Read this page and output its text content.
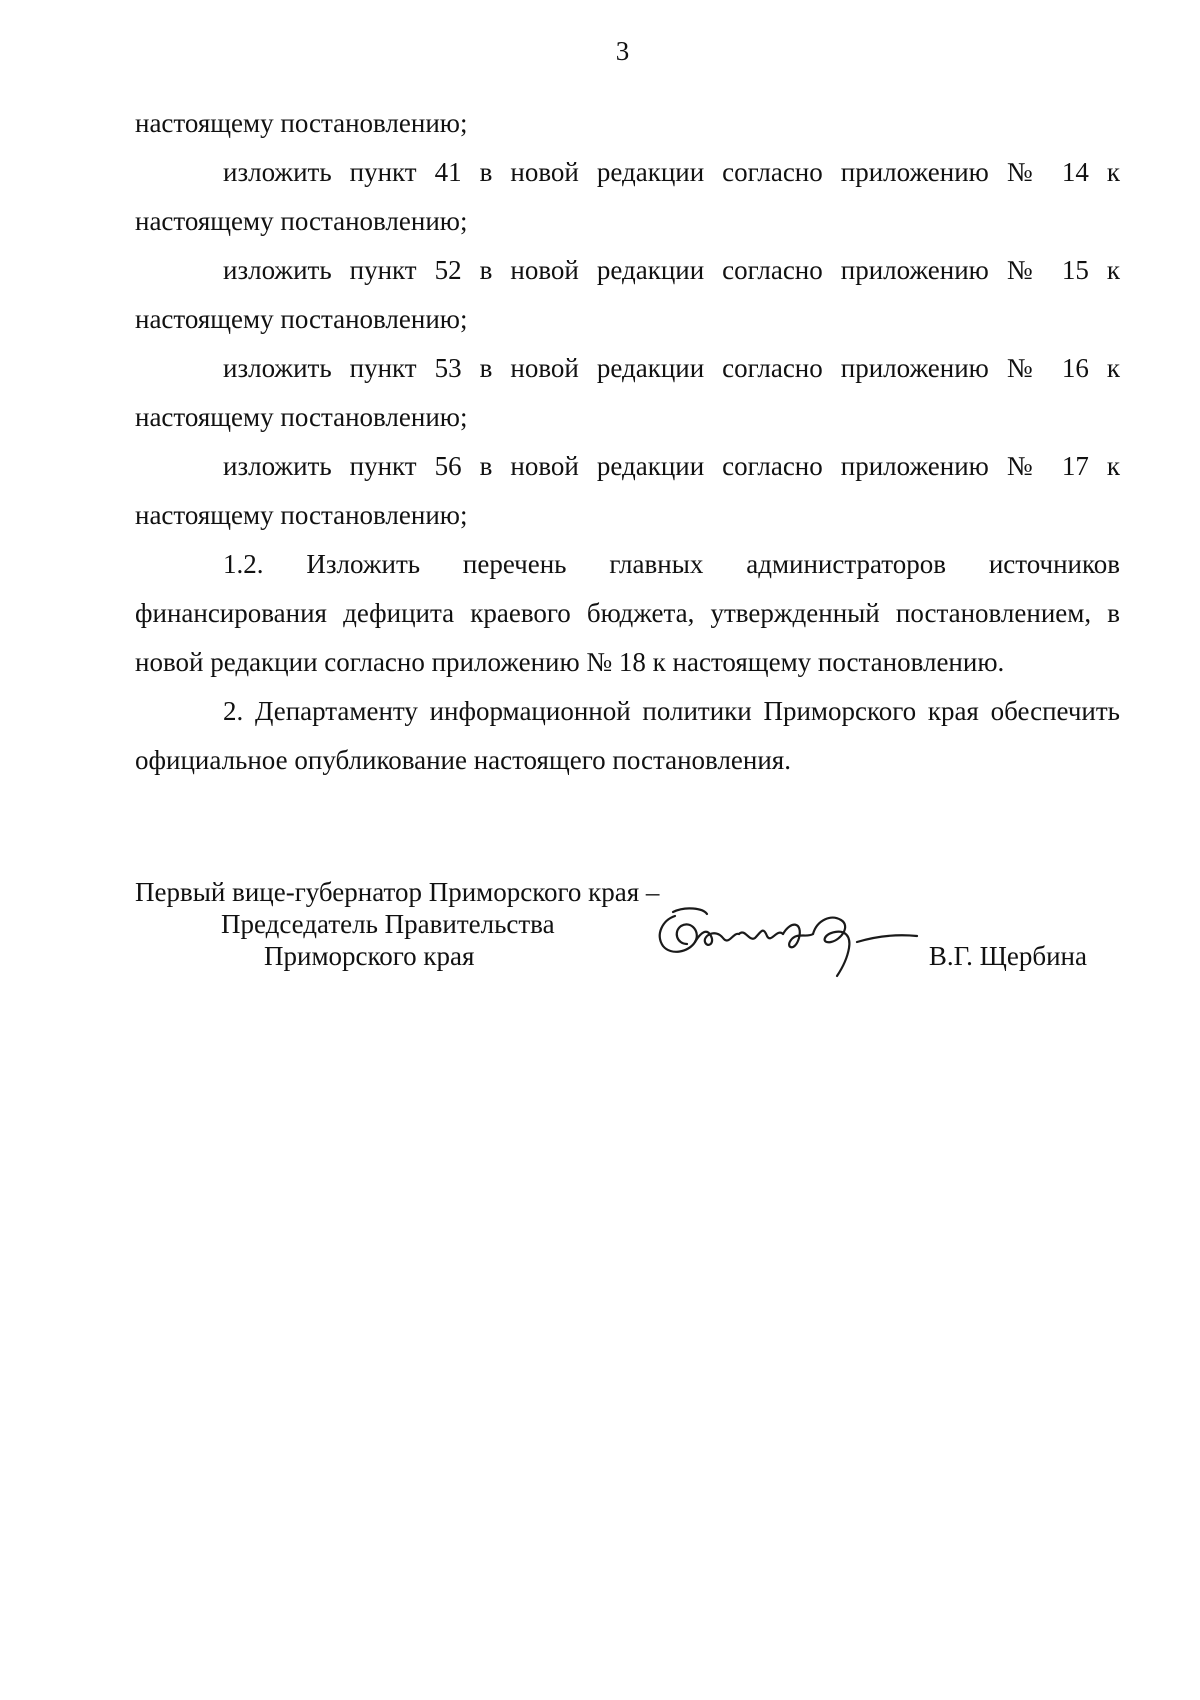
3

настоящему постановлению;

изложить пункт 41 в новой редакции согласно приложению № 14 к настоящему постановлению;

изложить пункт 52 в новой редакции согласно приложению № 15 к настоящему постановлению;

изложить пункт 53 в новой редакции согласно приложению № 16 к настоящему постановлению;

изложить пункт 56 в новой редакции согласно приложению № 17 к настоящему постановлению;

1.2. Изложить перечень главных администраторов источников финансирования дефицита краевого бюджета, утвержденный постановлением, в новой редакции согласно приложению № 18 к настоящему постановлению.

2. Департаменту информационной политики Приморского края обеспечить официальное опубликование настоящего постановления.

Первый вице-губернатор Приморского края –
Председатель Правительства
Приморского края	В.Г. Щербина
